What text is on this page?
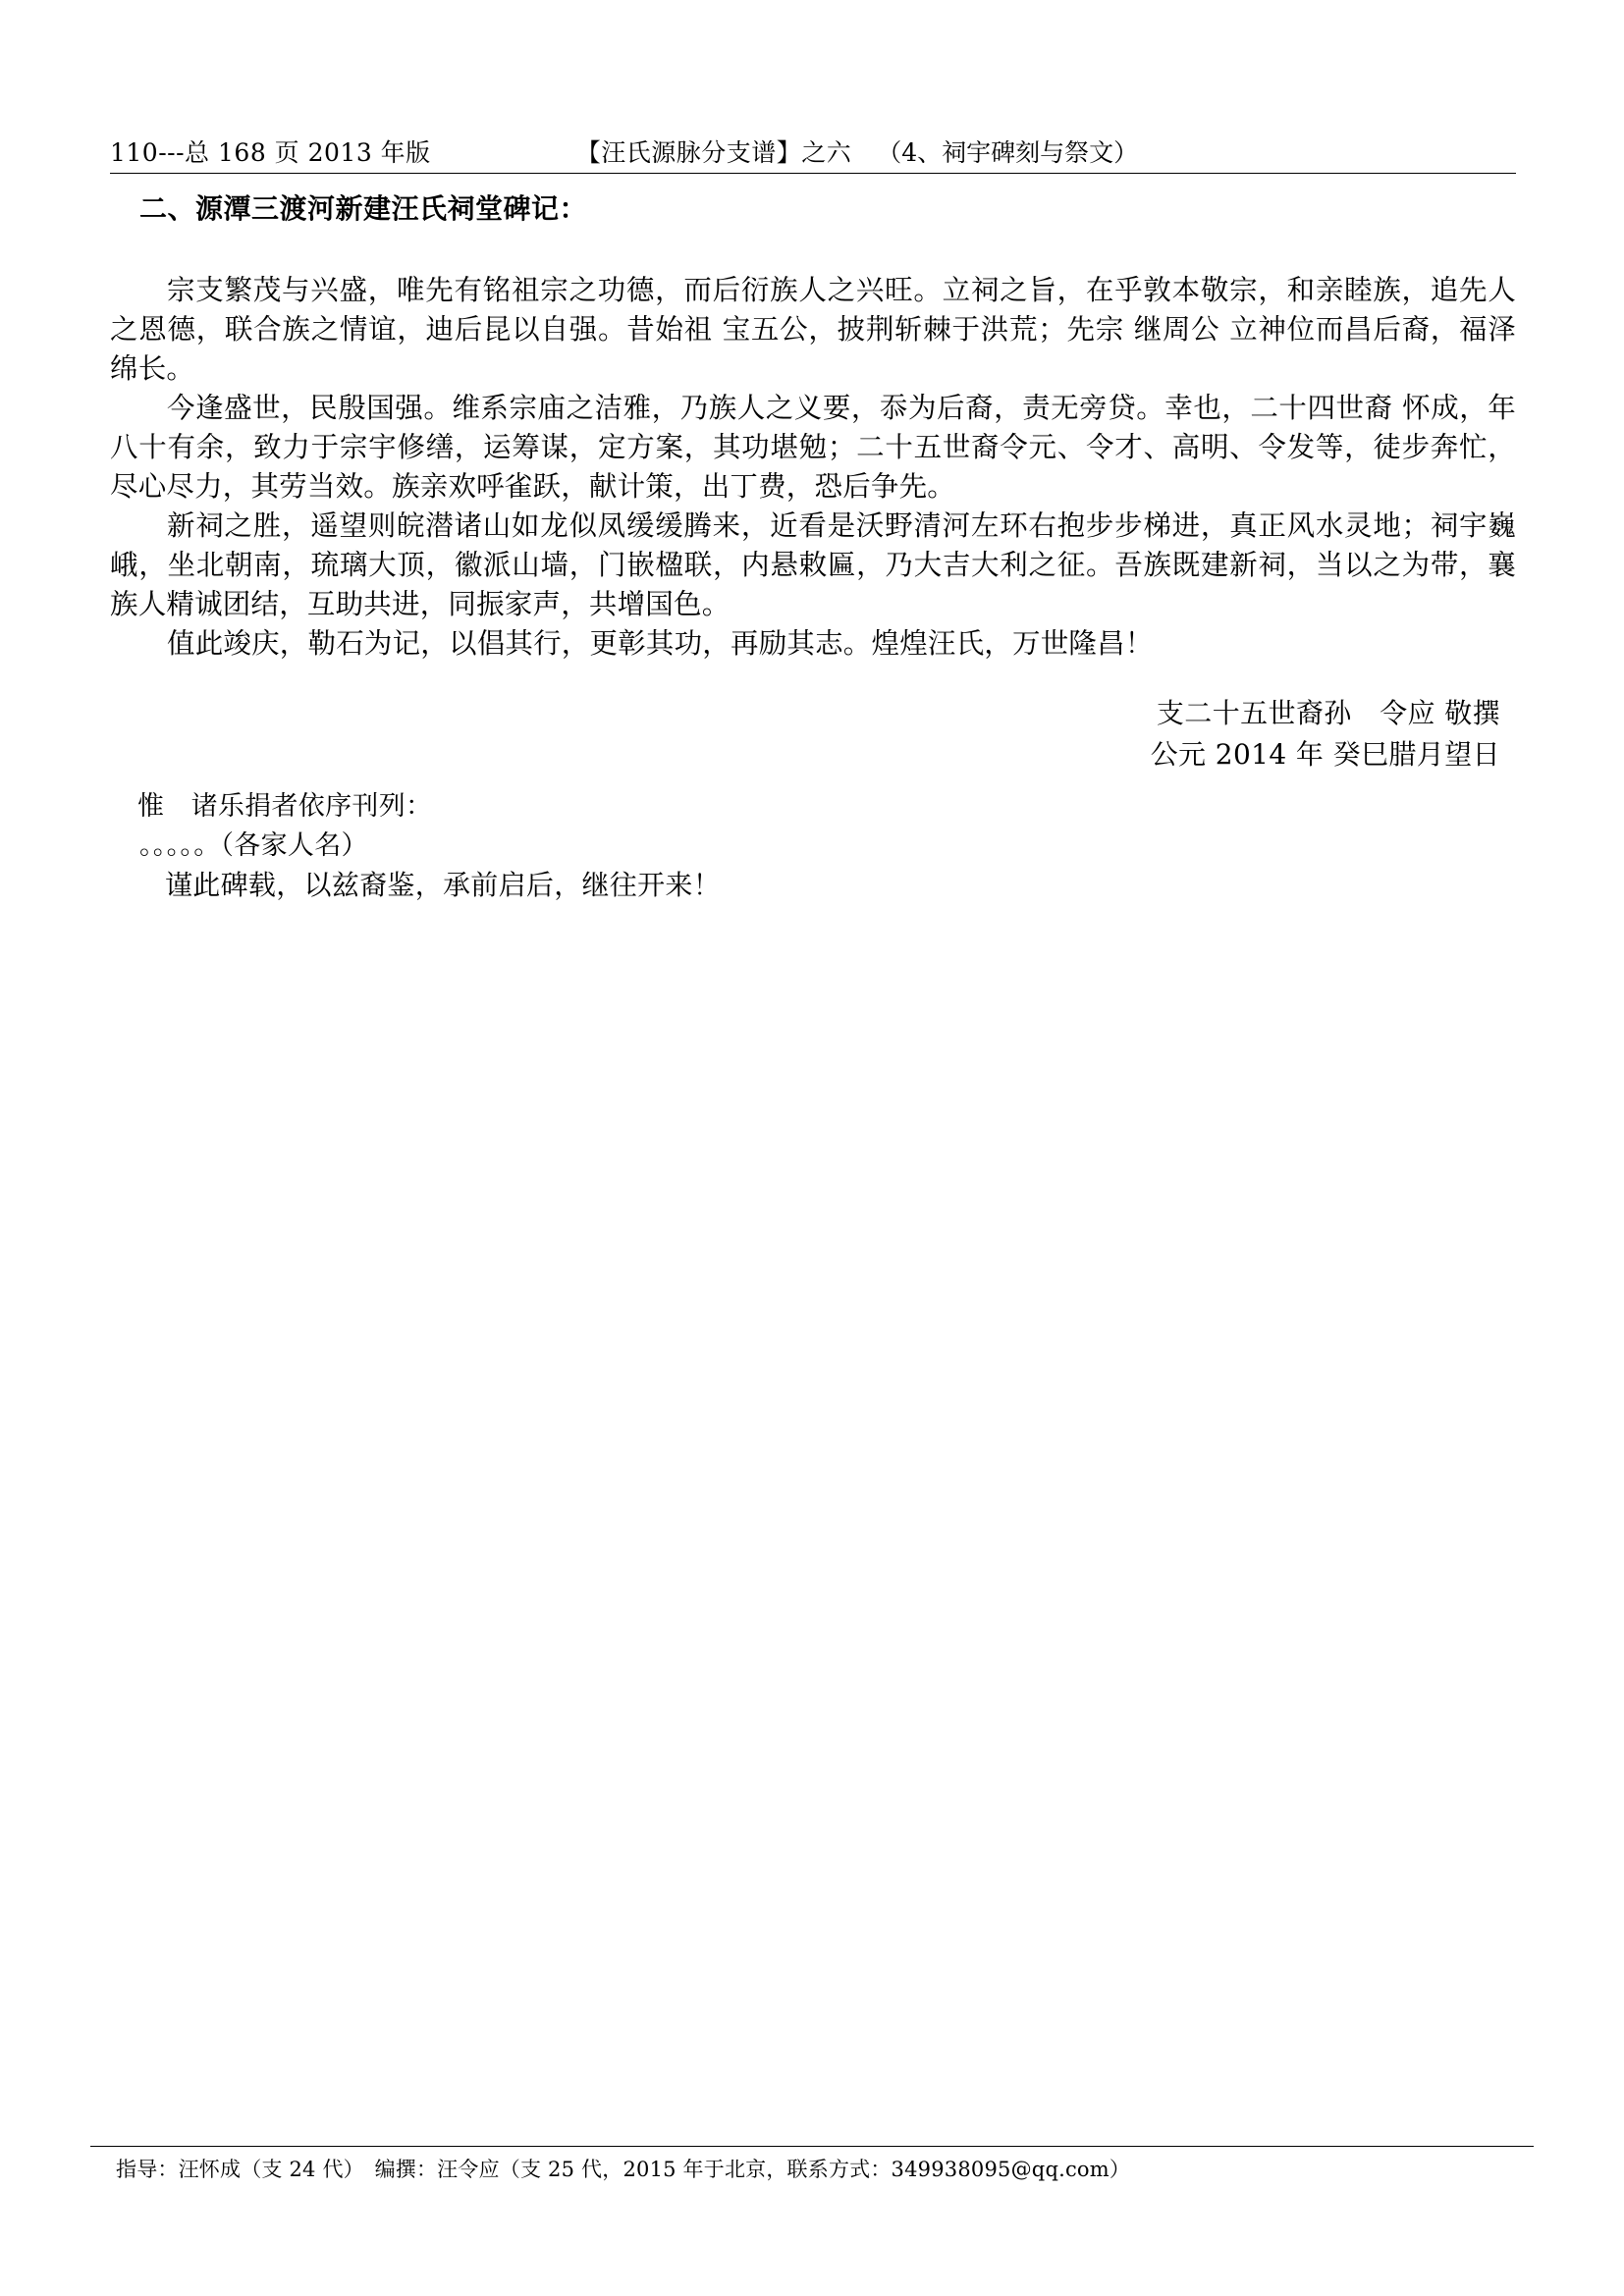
110---总 168 页 2013 年版	【汪氏源脉分支谱】之六 （4、祠宇碑刻与祭文）
二、源潭三渡河新建汪氏祠堂碑记：

宗支繁茂与兴盛，唯先有铭祖宗之功德，而后衍族人之兴旺。立祠之旨，在乎敦本敬宗，和亲睦族，追先人之恩德，联合族之情谊，迪后昆以自强。昔始祖 宝五公，披荆斩棘于洪荒；先宗 继周公 立神位而昌后裔，福泽绵长。

今逢盛世，民殷国强。维系宗庙之洁雅，乃族人之义要，忝为后裔，责无旁贷。幸也，二十四世裔 怀成，年八十有余，致力于宗宇修缮，运筹谋，定方案，其功堪勉；二十五世裔令元、令才、高明、令发等，徒步奔忙，尽心尽力，其劳当效。族亲欢呼雀跃，献计策，出丁费，恐后争先。

新祠之胜，遥望则皖潜诸山如龙似凤缓缓腾来，近看是沃野清河左环右抱步步梯进，真正风水灵地；祠宇巍峨，坐北朝南，琉璃大顶，徽派山墙，门嵌楹联，内悬敕匾，乃大吉大利之征。吾族既建新祠，当以之为带，襄族人精诚团结，互助共进，同振家声，共增国色。

值此竣庆，勒石为记，以倡其行，更彰其功，再励其志。煌煌汪氏，万世隆昌！

支二十五世裔孙　令应 敬撰
公元 2014 年 癸巳腊月望日
惟　诸乐捐者依序刊列：
。。。。。（各家人名）
谨此碑载，以兹裔鉴，承前启后，继往开来！
指导：汪怀成（支 24 代）　编撰：汪令应（支 25 代，2015 年于北京，联系方式：349938095@qq.com）
